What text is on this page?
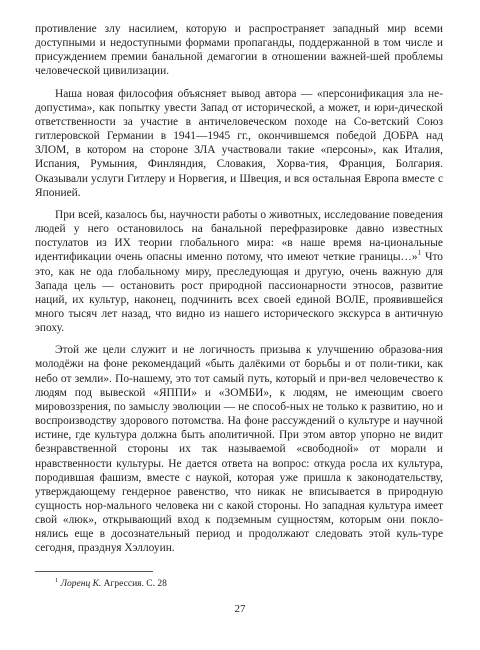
противление злу насилием, которую и распространяет западный мир всеми доступными и недоступными формами пропаганды, поддержанной в том числе и присуждением премии банальной демагогии в отношении важней-шей проблемы человеческой цивилизации.

Наша новая философия объясняет вывод автора — «персонификация зла не-допустима», как попытку увести Запад от исторической, а может, и юри-дической ответственности за участие в античеловеческом походе на Со-ветский Союз гитлеровской Германии в 1941—1945 гг., окончившемся победой ДОБРА над ЗЛОМ, в котором на стороне ЗЛА участвовали такие «персоны», как Италия, Испания, Румыния, Финляндия, Словакия, Хорва-тия, Франция, Болгария. Оказывали услуги Гитлеру и Норвегия, и Швеция, и вся остальная Европа вместе с Японией.

При всей, казалось бы, научности работы о животных, исследование поведения людей у него остановилось на банальной перефразировке давно известных постулатов из ИХ теории глобального мира: «в наше время на-циональные идентификации очень опасны именно потому, что имеют четкие границы…»$^1$ Что это, как не ода глобальному миру, преследующая и другую, очень важную для Запада цель — остановить рост природной пассионарности этносов, развитие наций, их культур, наконец, подчинить всех своей единой ВОЛЕ, проявившейся много тысяч лет назад, что видно из нашего исторического экскурса в античную эпоху.

Этой же цели служит и не логичность призыва к улучшению образова-ния молодёжи на фоне рекомендаций «быть далёкими от борьбы и от поли-тики, как небо от земли». По-нашему, это тот самый путь, который и при-вел человечество к людям под вывеской «ЯППИ» и «ЗОМБИ», к людям, не имеющим своего мировоззрения, по замыслу эволюции — не способ-ных не только к развитию, но и воспроизводству здорового потомства. На фоне рассуждений о культуре и научной истине, где культура должна быть аполитичной. При этом автор упорно не видит безнравственной стороны их так называемой «свободной» от морали и нравственности культуры. Не дается ответа на вопрос: откуда росла их культура, породившая фашизм, вместе с наукой, которая уже пришла к законодательству, утверждающему гендерное равенство, что никак не вписывается в природную сущность нор-мального человека ни с какой стороны. Но западная культура имеет свой «люк», открывающий вход к подземным сущностям, которым они покло-нялись еще в досознательный период и продолжают следовать этой куль-туре сегодня, празднуя Хэллоуин.

$^1$ Лоренц К. Агрессия. С. 28
27
